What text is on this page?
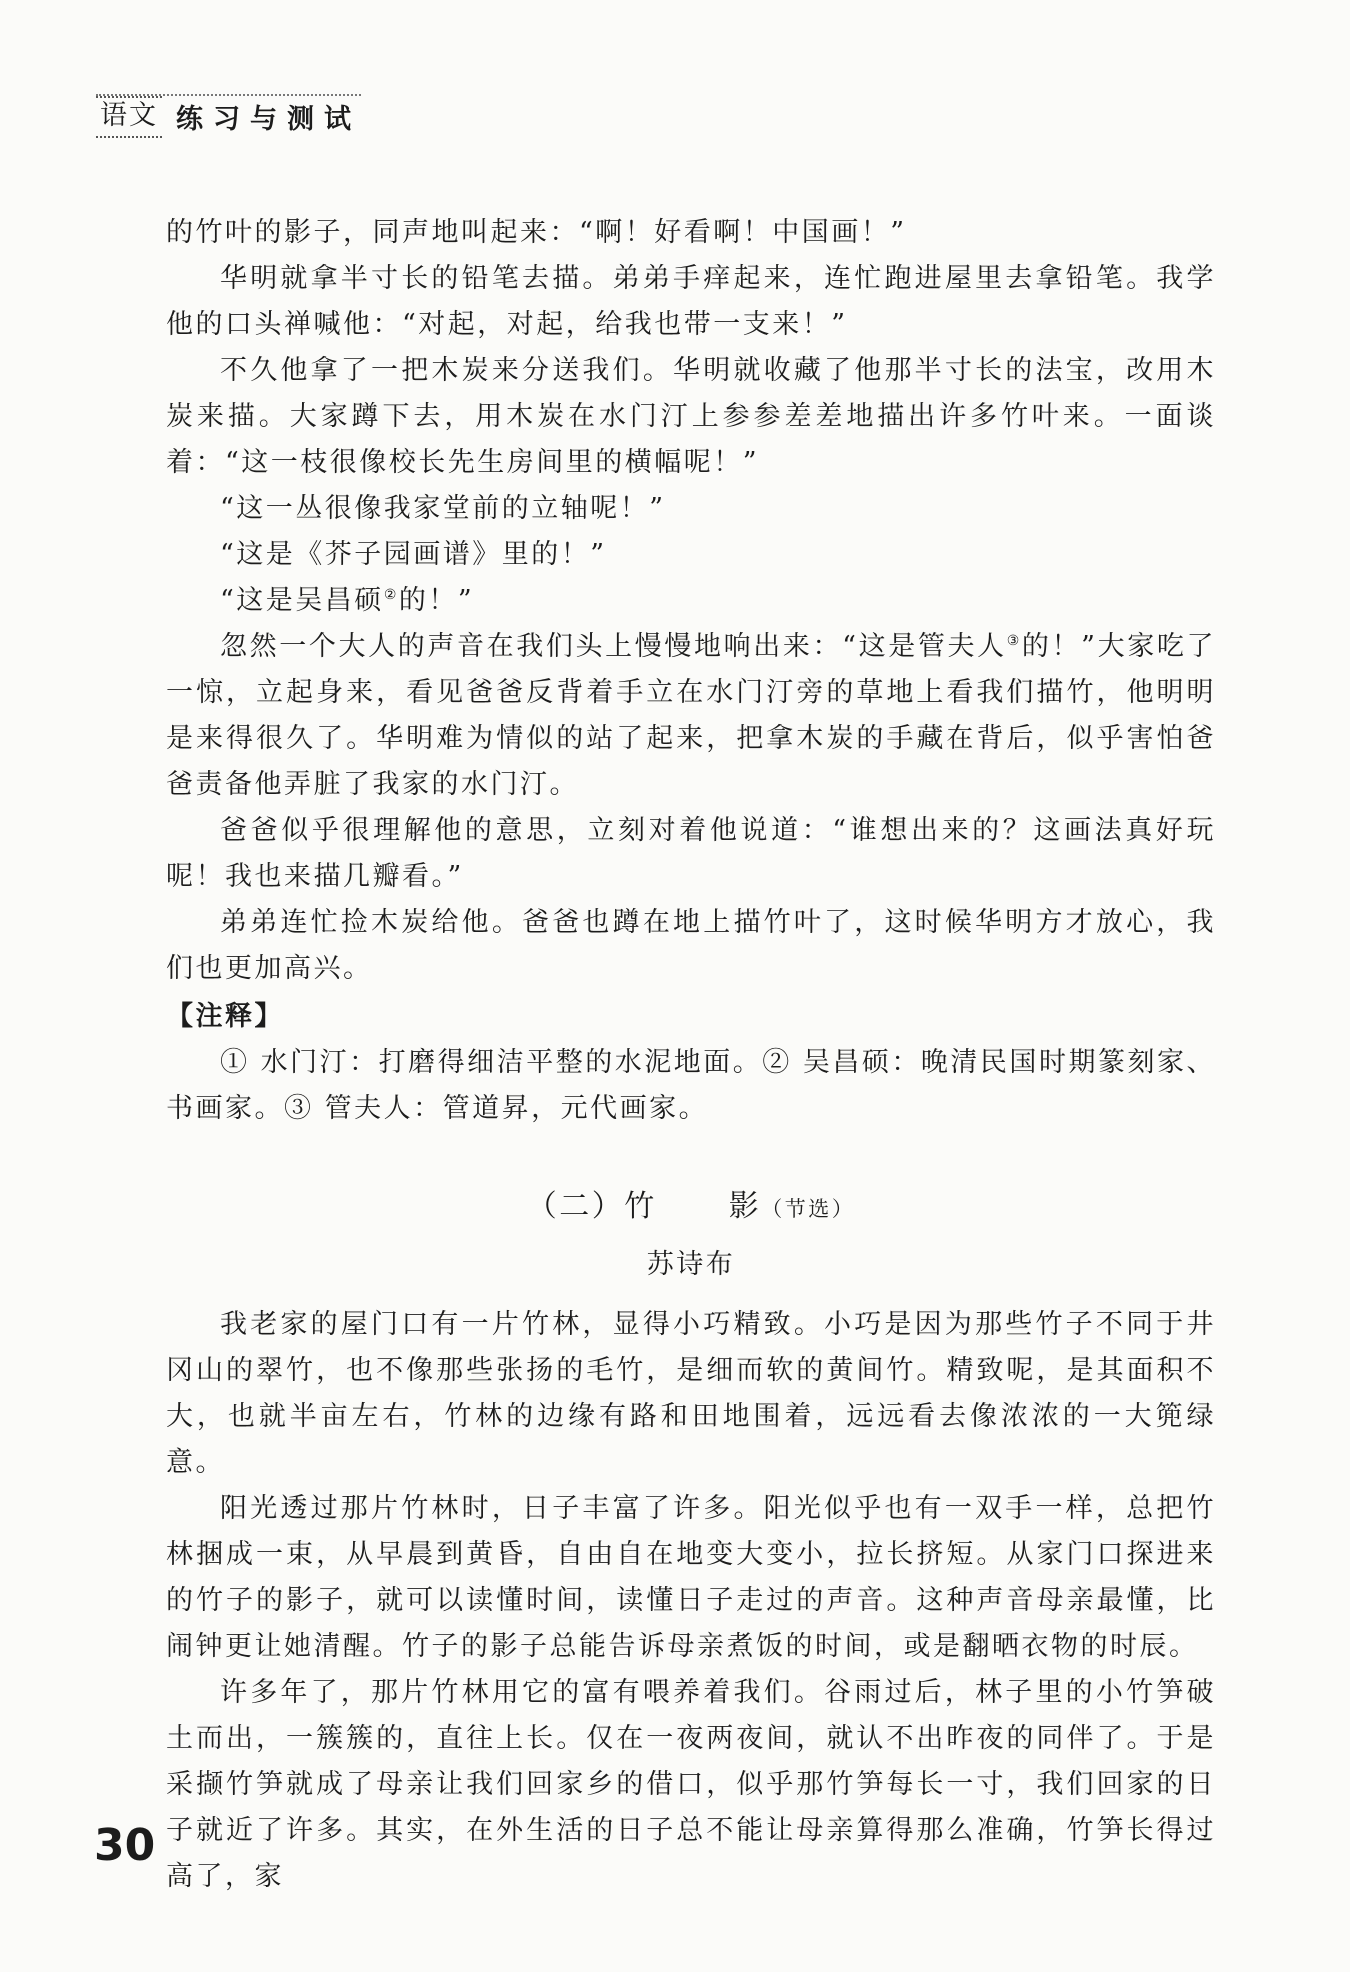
语文 练习与测试

的竹叶的影子，同声地叫起来：“啊！好看啊！中国画！”

华明就拿半寸长的铅笔去描。弟弟手痒起来，连忙跑进屋里去拿铅笔。我学他的口头禅喊他：“对起，对起，给我也带一支来！”

不久他拿了一把木炭来分送我们。华明就收藏了他那半寸长的法宝，改用木炭来描。大家蹲下去，用木炭在水门汀上参参差差地描出许多竹叶来。一面谈着：“这一枝很像校长先生房间里的横幅呢！”

“这一丛很像我家堂前的立轴呢！”

“这是《芥子园画谱》里的！”

“这是吴昌硕②的！”

忽然一个大人的声音在我们头上慢慢地响出来：“这是管夫人③的！”大家吃了一惊，立起身来，看见爸爸反背着手立在水门汀旁的草地上看我们描竹，他明明是来得很久了。华明难为情似的站了起来，把拿木炭的手藏在背后，似乎害怕爸爸责备他弄脏了我家的水门汀。

爸爸似乎很理解他的意思，立刻对着他说道：“谁想出来的？这画法真好玩呢！我也来描几瓣看。”

弟弟连忙捡木炭给他。爸爸也蹲在地上描竹叶了，这时候华明方才放心，我们也更加高兴。

【注释】

① 水门汀：打磨得细洁平整的水泥地面。② 吴昌硕：晚清民国时期篆刻家、书画家。③ 管夫人：管道昇，元代画家。

（二）竹 影（节选）
苏诗布

我老家的屋门口有一片竹林，显得小巧精致。小巧是因为那些竹子不同于井冈山的翠竹，也不像那些张扬的毛竹，是细而软的黄间竹。精致呢，是其面积不大，也就半亩左右，竹林的边缘有路和田地围着，远远看去像浓浓的一大篼绿意。

阳光透过那片竹林时，日子丰富了许多。阳光似乎也有一双手一样，总把竹林捆成一束，从早晨到黄昏，自由自在地变大变小，拉长挤短。从家门口探进来的竹子的影子，就可以读懂时间，读懂日子走过的声音。这种声音母亲最懂，比闹钟更让她清醒。竹子的影子总能告诉母亲煮饭的时间，或是翻晒衣物的时辰。

许多年了，那片竹林用它的富有喂养着我们。谷雨过后，林子里的小竹笋破土而出，一簇簇的，直往上长。仅在一夜两夜间，就认不出昨夜的同伴了。于是采撷竹笋就成了母亲让我们回家乡的借口，似乎那竹笋每长一寸，我们回家的日子就近了许多。其实，在外生活的日子总不能让母亲算得那么准确，竹笋长得过高了，家

30
